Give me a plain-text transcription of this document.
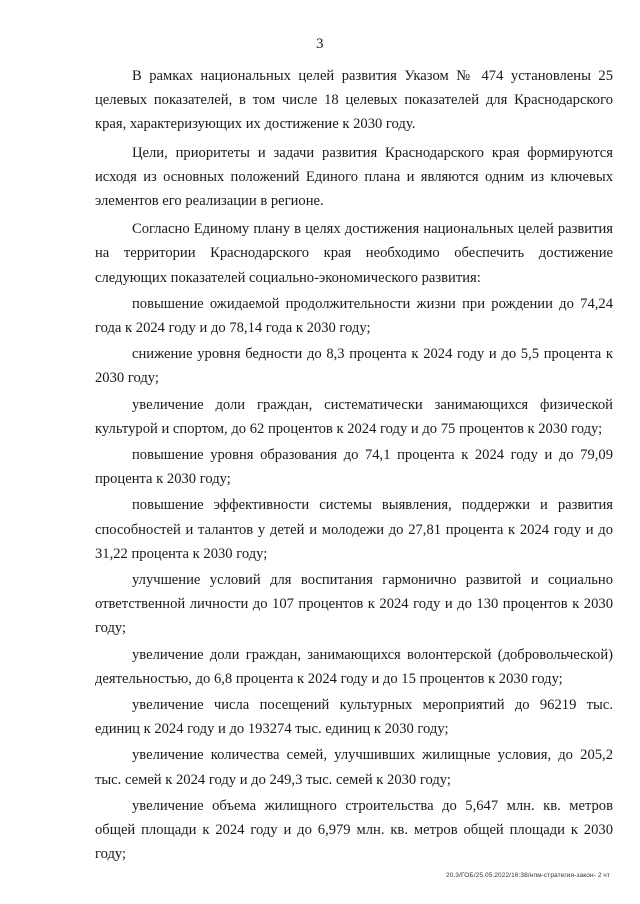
3

В рамках национальных целей развития Указом № 474 установлены 25 целевых показателей, в том числе 18 целевых показателей для Краснодарского края, характеризующих их достижение к 2030 году.

Цели, приоритеты и задачи развития Краснодарского края формируются исходя из основных положений Единого плана и являются одним из ключевых элементов его реализации в регионе.

Согласно Единому плану в целях достижения национальных целей развития на территории Краснодарского края необходимо обеспечить достижение следующих показателей социально-экономического развития:

повышение ожидаемой продолжительности жизни при рождении до 74,24 года к 2024 году и до 78,14 года к 2030 году;

снижение уровня бедности до 8,3 процента к 2024 году и до 5,5 процента к 2030 году;

увеличение доли граждан, систематически занимающихся физической культурой и спортом, до 62 процентов к 2024 году и до 75 процентов к 2030 году;

повышение уровня образования до 74,1 процента к 2024 году и до 79,09 процента к 2030 году;

повышение эффективности системы выявления, поддержки и развития способностей и талантов у детей и молодежи до 27,81 процента к 2024 году и до 31,22 процента к 2030 году;

улучшение условий для воспитания гармонично развитой и социально ответственной личности до 107 процентов к 2024 году и до 130 процентов к 2030 году;

увеличение доли граждан, занимающихся волонтерской (добровольческой) деятельностью, до 6,8 процента к 2024 году и до 15 процентов к 2030 году;

увеличение числа посещений культурных мероприятий до 96219 тыс. единиц к 2024 году и до 193274 тыс. единиц к 2030 году;

увеличение количества семей, улучшивших жилищные условия, до 205,2 тыс. семей к 2024 году и до 249,3 тыс. семей к 2030 году;

увеличение объема жилищного строительства до 5,647 млн. кв. метров общей площади к 2024 году и до 6,979 млн. кв. метров общей площади к 2030 году;

20.3/ГОБ/25.05.2022/16:38/нпм-стратегия-закон- 2 чт
